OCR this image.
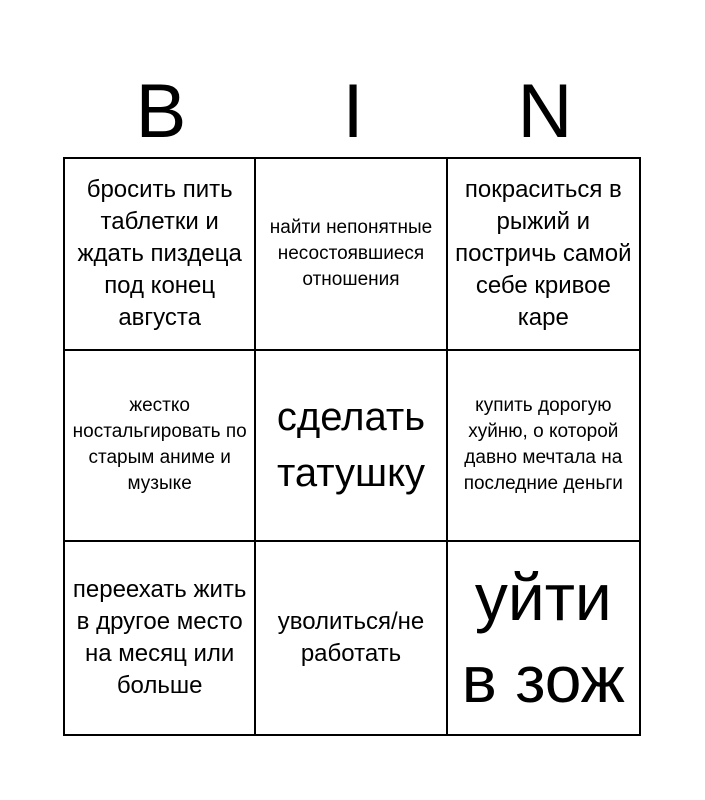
B	I	N
бросить пить таблетки и ждать пиздеца под конец августа
найти непонятные несостоявшиеся отношения
покраситься в рыжий и постричь самой себе кривое каре
жестко ностальгировать по старым аниме и музыке
сделать татушку
купить дорогую хуйню, о которой давно мечтала на последние деньги
переехать жить в другое место на месяц или больше
уволиться/не работать
уйти в зож
